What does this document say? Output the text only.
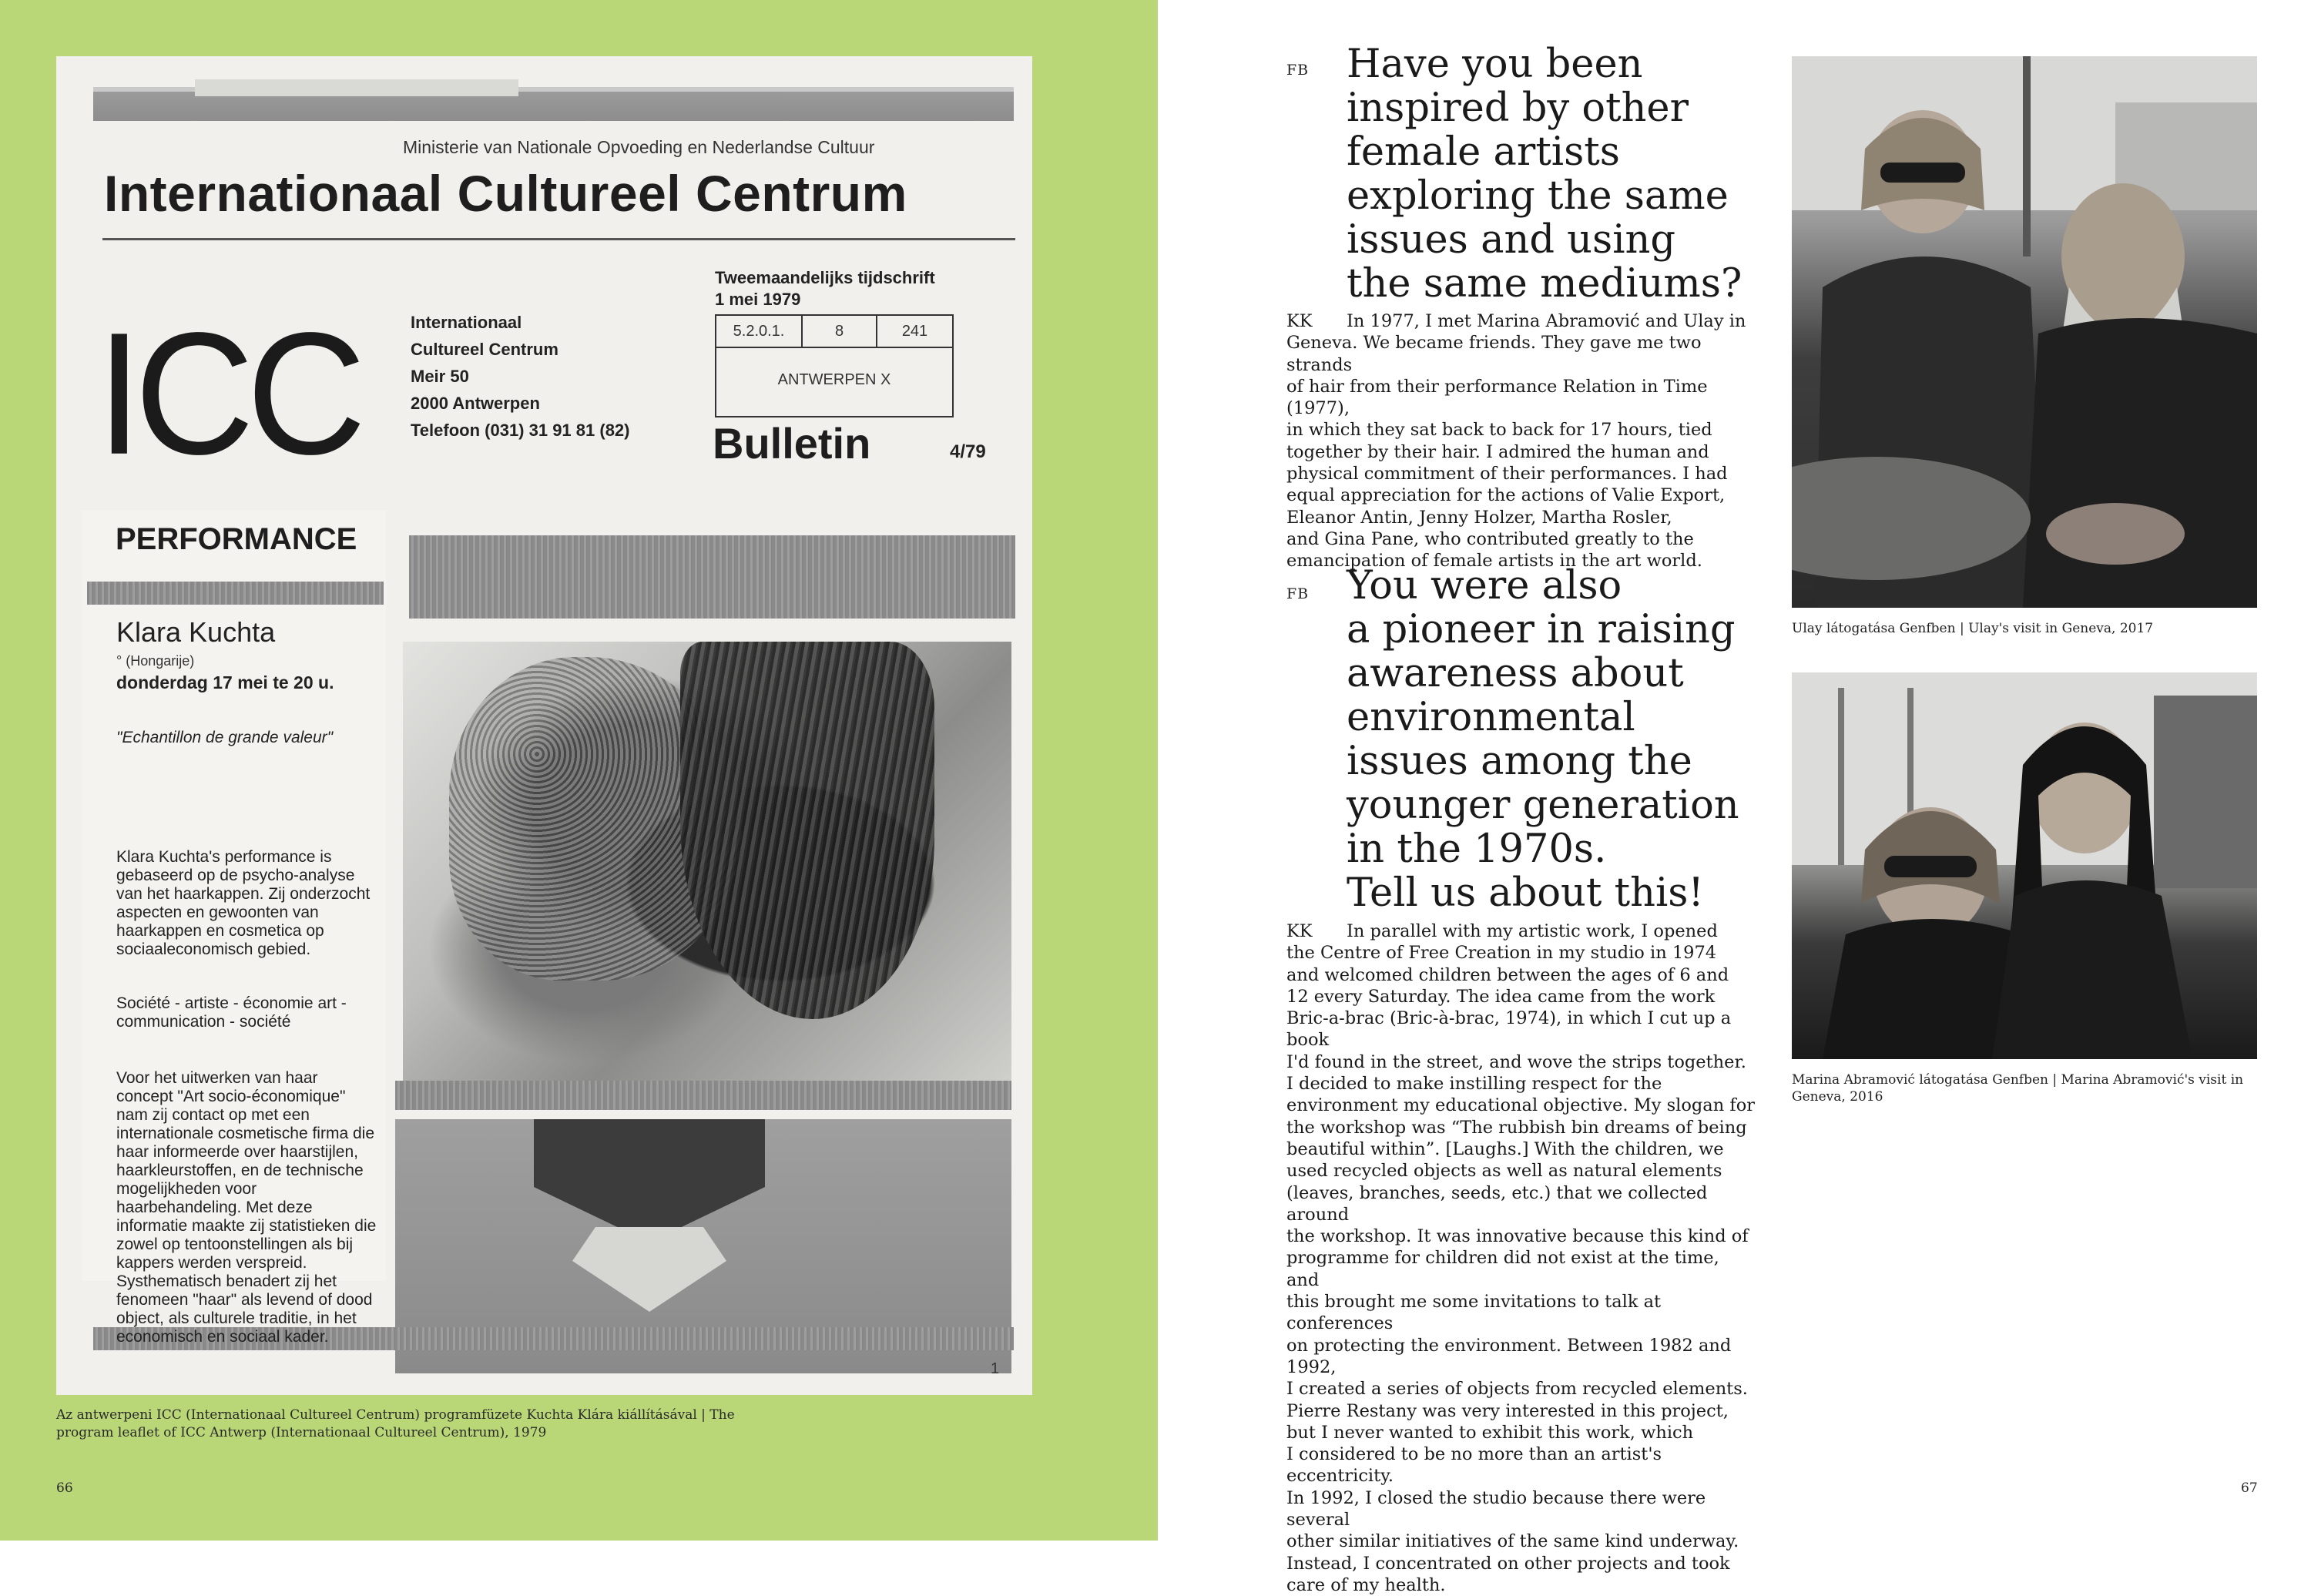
Ministerie van Nationale Opvoeding en Nederlandse Cultuur
Internationaal Cultureel Centrum
ICC	Internationaal
Cultureel Centrum
Meir 50
2000 Antwerpen
Telefoon (031) 31 91 81 (82)
Tweemaandelijks tijdschrift
1 mei 1979
5.2.0.1.	8	241
ANTWERPEN X
Bulletin	4/79
PERFORMANCE
Klara Kuchta
° (Hongarije)
donderdag 17 mei te 20 u.
"Echantillon de grande valeur"
Klara Kuchta's performance is gebaseerd op de psycho-analyse van het haarkappen. Zij onderzocht aspecten en gewoonten van haarkappen en cosmetica op sociaaleconomisch gebied.
Société - artiste - économie art - communication - société
Voor het uitwerken van haar concept "Art socio-économique" nam zij contact op met een internationale cosmetische firma die haar informeerde over haarstijlen, haarkleurstoffen, en de technische mogelijkheden voor haarbehandeling. Met deze informatie maakte zij statistieken die zowel op tentoonstellingen als bij kappers werden verspreid. Systhematisch benadert zij het fenomeen "haar" als levend of dood object, als culturele traditie, in het economisch en sociaal kader.
1
Az antwerpeni ICC (Internationaal Cultureel Centrum) programfüzete Kuchta Klára kiállításával | The program leaflet of ICC Antwerp (Internationaal Cultureel Centrum), 1979
66
FB Have you been
inspired by other
female artists
exploring the same
issues and using
the same mediums?

KK In 1977, I met Marina Abramović and Ulay in

Geneva. We became friends. They gave me two strands

of hair from their performance Relation in Time (1977),

in which they sat back to back for 17 hours, tied

together by their hair. I admired the human and

physical commitment of their performances. I had

equal appreciation for the actions of Valie Export,

Eleanor Antin, Jenny Holzer, Martha Rosler,

and Gina Pane, who contributed greatly to the

emancipation of female artists in the art world.

FB You were also
a pioneer in raising
awareness about
environmental
issues among the
younger generation
in the 1970s.
Tell us about this!

KK In parallel with my artistic work, I opened

the Centre of Free Creation in my studio in 1974

and welcomed children between the ages of 6 and

12 every Saturday. The idea came from the work

Bric-a-brac (Bric-à-brac, 1974), in which I cut up a book

I'd found in the street, and wove the strips together.

I decided to make instilling respect for the

environment my educational objective. My slogan for

the workshop was “The rubbish bin dreams of being

beautiful within”. [Laughs.] With the children, we

used recycled objects as well as natural elements

(leaves, branches, seeds, etc.) that we collected around

the workshop. It was innovative because this kind of

programme for children did not exist at the time, and

this brought me some invitations to talk at conferences

on protecting the environment. Between 1982 and 1992,

I created a series of objects from recycled elements.

Pierre Restany was very interested in this project,

but I never wanted to exhibit this work, which

I considered to be no more than an artist's eccentricity.

In 1992, I closed the studio because there were several

other similar initiatives of the same kind underway.

Instead, I concentrated on other projects and took

care of my health.

Ulay látogatása Genfben | Ulay's visit in Geneva, 2017
Marina Abramović látogatása Genfben | Marina Abramović's visit in Geneva, 2016
67
